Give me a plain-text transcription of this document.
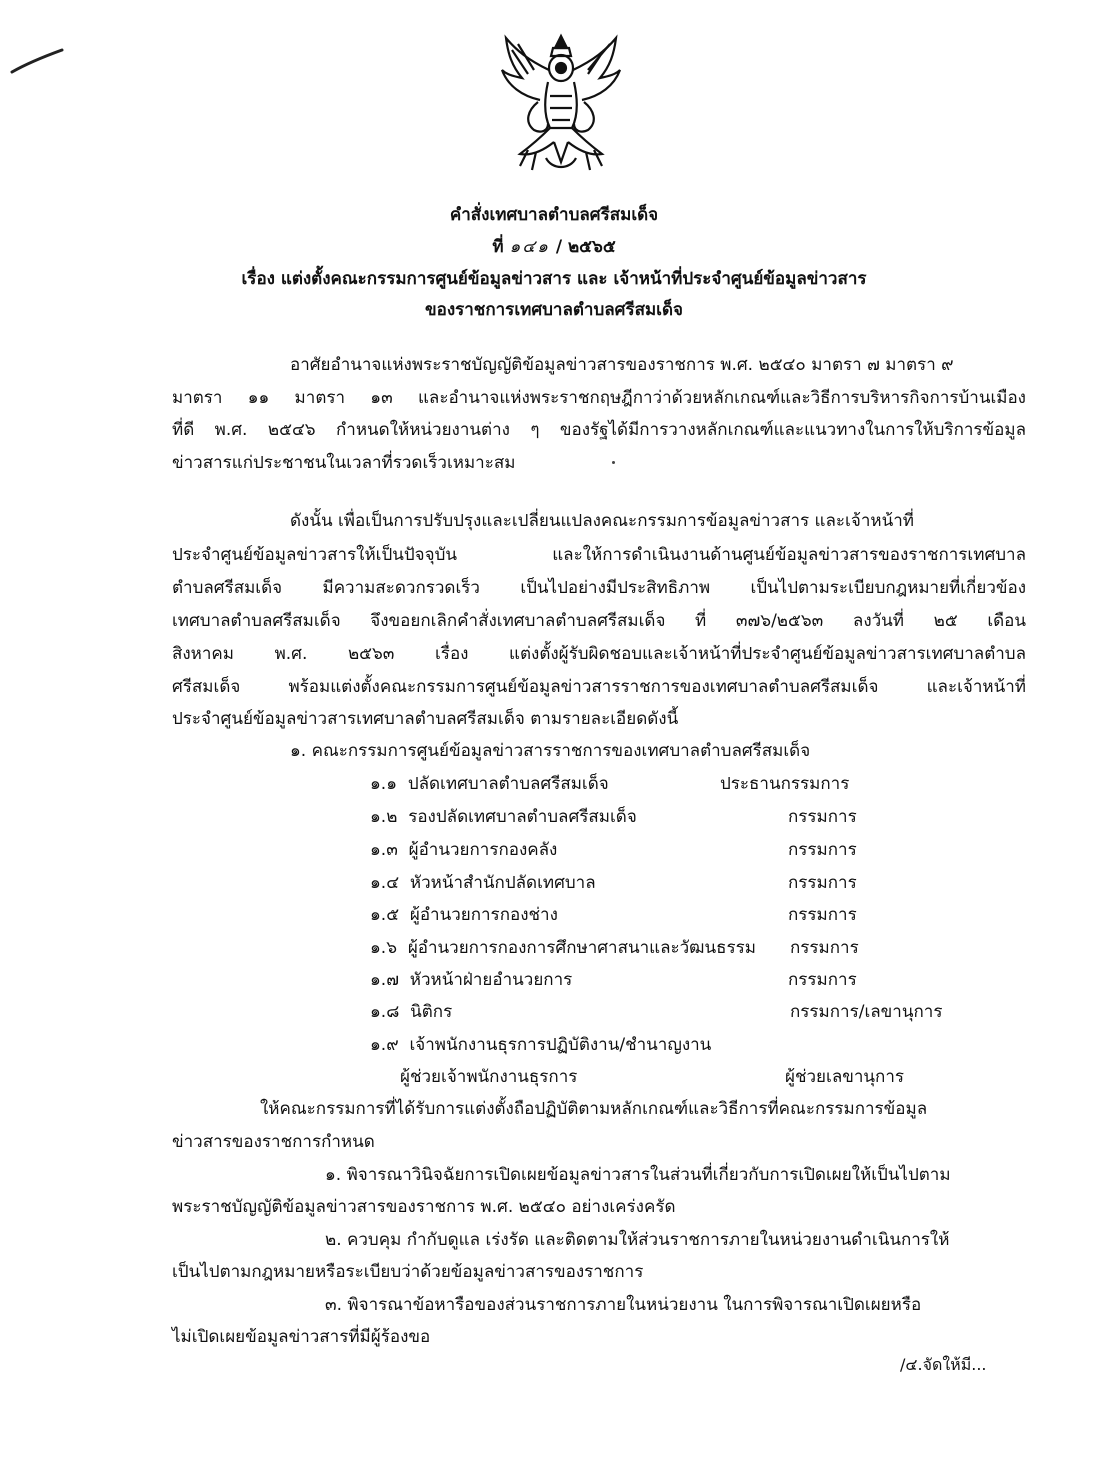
คำสั่งเทศบาลตำบลศรีสมเด็จ
ที่ ๑๔๑ / ๒๕๖๕
เรื่อง แต่งตั้งคณะกรรมการศูนย์ข้อมูลข่าวสาร และ เจ้าหน้าที่ประจำศูนย์ข้อมูลข่าวสาร
ของราชการเทศบาลตำบลศรีสมเด็จ
อาศัยอำนาจแห่งพระราชบัญญัติข้อมูลข่าวสารของราชการ พ.ศ. ๒๕๔๐ มาตรา ๗ มาตรา ๙
มาตรา ๑๑ มาตรา ๑๓ และอำนาจแห่งพระราชกฤษฎีกาว่าด้วยหลักเกณฑ์และวิธีการบริหารกิจการบ้านเมือง
ที่ดี พ.ศ. ๒๕๔๖ กำหนดให้หน่วยงานต่าง ๆ ของรัฐได้มีการวางหลักเกณฑ์และแนวทางในการให้บริการข้อมูล
ข่าวสารแก่ประชาชนในเวลาที่รวดเร็วเหมาะสม
ดังนั้น เพื่อเป็นการปรับปรุงและเปลี่ยนแปลงคณะกรรมการข้อมูลข่าวสาร และเจ้าหน้าที่
ประจำศูนย์ข้อมูลข่าวสารให้เป็นปัจจุบัน และให้การดำเนินงานด้านศูนย์ข้อมูลข่าวสารของราชการเทศบาล
ตำบลศรีสมเด็จ มีความสะดวกรวดเร็ว เป็นไปอย่างมีประสิทธิภาพ เป็นไปตามระเบียบกฎหมายที่เกี่ยวข้อง
เทศบาลตำบลศรีสมเด็จ จึงขอยกเลิกคำสั่งเทศบาลตำบลศรีสมเด็จ ที่ ๓๗๖/๒๕๖๓ ลงวันที่ ๒๕ เดือน
สิงหาคม พ.ศ. ๒๕๖๓ เรื่อง แต่งตั้งผู้รับผิดชอบและเจ้าหน้าที่ประจำศูนย์ข้อมูลข่าวสารเทศบาลตำบล
ศรีสมเด็จ พร้อมแต่งตั้งคณะกรรมการศูนย์ข้อมูลข่าวสารราชการของเทศบาลตำบลศรีสมเด็จ และเจ้าหน้าที่
ประจำศูนย์ข้อมูลข่าวสารเทศบาลตำบลศรีสมเด็จ ตามรายละเอียดดังนี้
๑. คณะกรรมการศูนย์ข้อมูลข่าวสารราชการของเทศบาลตำบลศรีสมเด็จ
๑.๑ ปลัดเทศบาลตำบลศรีสมเด็จ	ประธานกรรมการ
๑.๒ รองปลัดเทศบาลตำบลศรีสมเด็จ	กรรมการ
๑.๓ ผู้อำนวยการกองคลัง	กรรมการ
๑.๔ หัวหน้าสำนักปลัดเทศบาล	กรรมการ
๑.๕ ผู้อำนวยการกองช่าง	กรรมการ
๑.๖ ผู้อำนวยการกองการศึกษาศาสนาและวัฒนธรรม กรรมการ
๑.๗ หัวหน้าฝ่ายอำนวยการ	กรรมการ
๑.๘  นิติกร	กรรมการ/เลขานุการ
๑.๙ เจ้าพนักงานธุรการปฏิบัติงาน/ชำนาญงาน
ผู้ช่วยเจ้าพนักงานธุรการ	ผู้ช่วยเลขานุการ
ให้คณะกรรมการที่ได้รับการแต่งตั้งถือปฏิบัติตามหลักเกณฑ์และวิธีการที่คณะกรรมการข้อมูล
ข่าวสารของราชการกำหนด
๑. พิจารณาวินิจฉัยการเปิดเผยข้อมูลข่าวสารในส่วนที่เกี่ยวกับการเปิดเผยให้เป็นไปตาม
พระราชบัญญัติข้อมูลข่าวสารของราชการ พ.ศ. ๒๕๔๐ อย่างเคร่งครัด
๒. ควบคุม กำกับดูแล เร่งรัด และติดตามให้ส่วนราชการภายในหน่วยงานดำเนินการให้
เป็นไปตามกฎหมายหรือระเบียบว่าด้วยข้อมูลข่าวสารของราชการ
๓. พิจารณาข้อหารือของส่วนราชการภายในหน่วยงาน ในการพิจารณาเปิดเผยหรือ
ไม่เปิดเผยข้อมูลข่าวสารที่มีผู้ร้องขอ
/๔.จัดให้มี...
